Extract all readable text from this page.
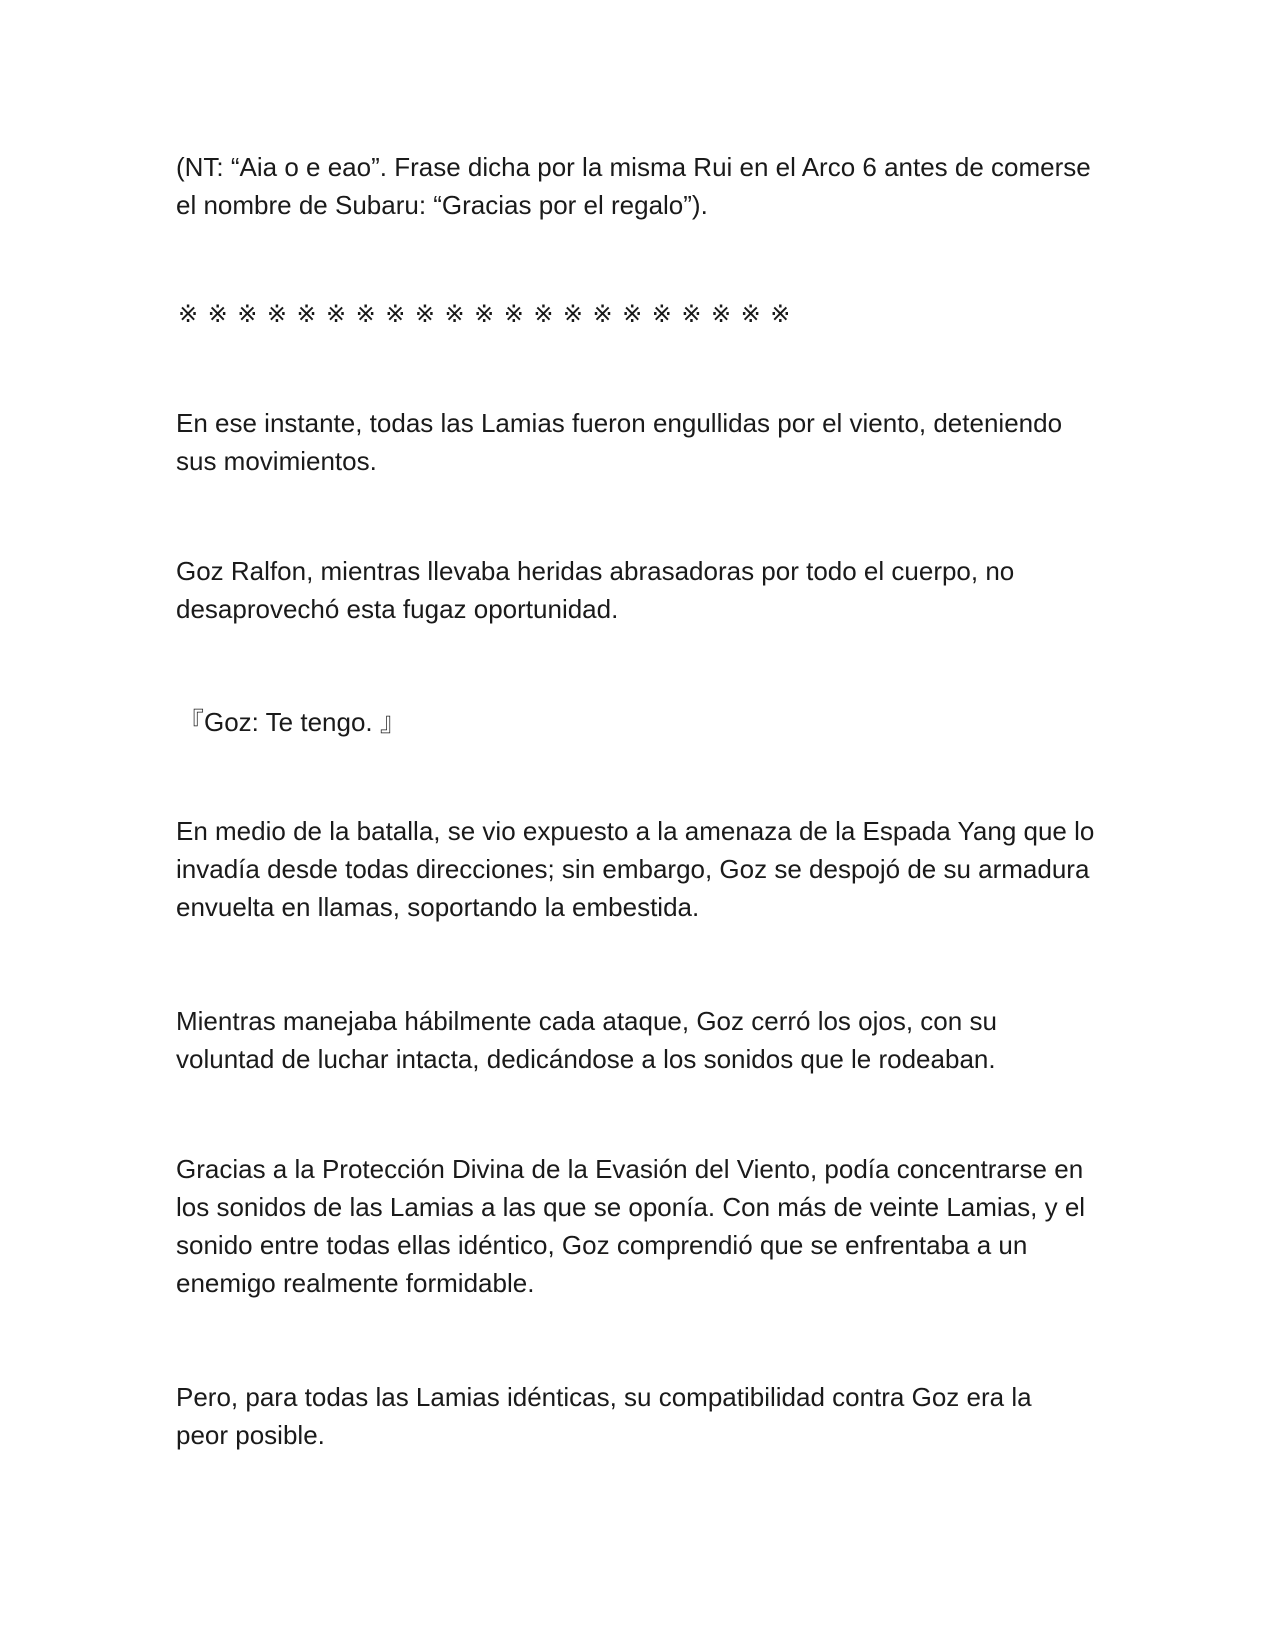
(NT: “Aia o e eao”. Frase dicha por la misma Rui en el Arco 6 antes de comerse
el nombre de Subaru: “Gracias por el regalo”).

※※※※※※※※※※※※※※※※※※※※※

En ese instante, todas las Lamias fueron engullidas por el viento, deteniendo
sus movimientos.

Goz Ralfon, mientras llevaba heridas abrasadoras por todo el cuerpo, no
desaprovechó esta fugaz oportunidad.

『Goz: Te tengo. 』

En medio de la batalla, se vio expuesto a la amenaza de la Espada Yang que lo
invadía desde todas direcciones; sin embargo, Goz se despojó de su armadura
envuelta en llamas, soportando la embestida.

Mientras manejaba hábilmente cada ataque, Goz cerró los ojos, con su
voluntad de luchar intacta, dedicándose a los sonidos que le rodeaban.

Gracias a la Protección Divina de la Evasión del Viento, podía concentrarse en
los sonidos de las Lamias a las que se oponía. Con más de veinte Lamias, y el
sonido entre todas ellas idéntico, Goz comprendió que se enfrentaba a un
enemigo realmente formidable.

Pero, para todas las Lamias idénticas, su compatibilidad contra Goz era la
peor posible.
